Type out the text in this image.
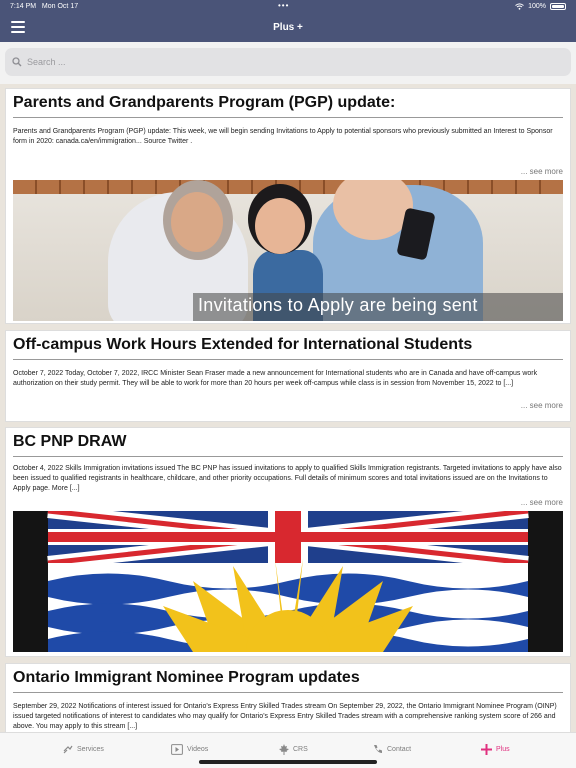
7:14 PM Mon Oct 17	•••	100%
Plus +
Search ...
Parents and Grandparents Program (PGP) update:
Parents and Grandparents Program (PGP) update: This week, we will begin sending Invitations to Apply to potential sponsors who previously submitted an Interest to Sponsor form in 2020: canada.ca/en/immigration... Source Twitter .
... see more
Invitations to Apply are being sent
Off-campus Work Hours Extended for International Students
October 7, 2022 Today, October 7, 2022, IRCC Minister Sean Fraser made a new announcement for International students who are in Canada and have off-campus work authorization on their study permit. They will be able to work for more than 20 hours per week off-campus while class is in session from November 15, 2022 to [...]
... see more
BC PNP DRAW
October 4, 2022 Skills Immigration invitations issued The BC PNP has issued invitations to apply to qualified Skills Immigration registrants. Targeted invitations to apply have also been issued to qualified registrants in healthcare, childcare, and other priority occupations. Full details of minimum scores and total invitations issued are on the Invitations to Apply page. More [...]
... see more
Ontario Immigrant Nominee Program updates
September 29, 2022 Notifications of interest issued for Ontario's Express Entry Skilled Trades stream On September 29, 2022, the Ontario Immigrant Nominee Program (OINP) issued targeted notifications of interest to candidates who may qualify for Ontario's Express Entry Skilled Trades stream with a comprehensive ranking system score of 266 and above. You may apply to this stream [...]
Services	Videos	CRS	Contact	Plus
